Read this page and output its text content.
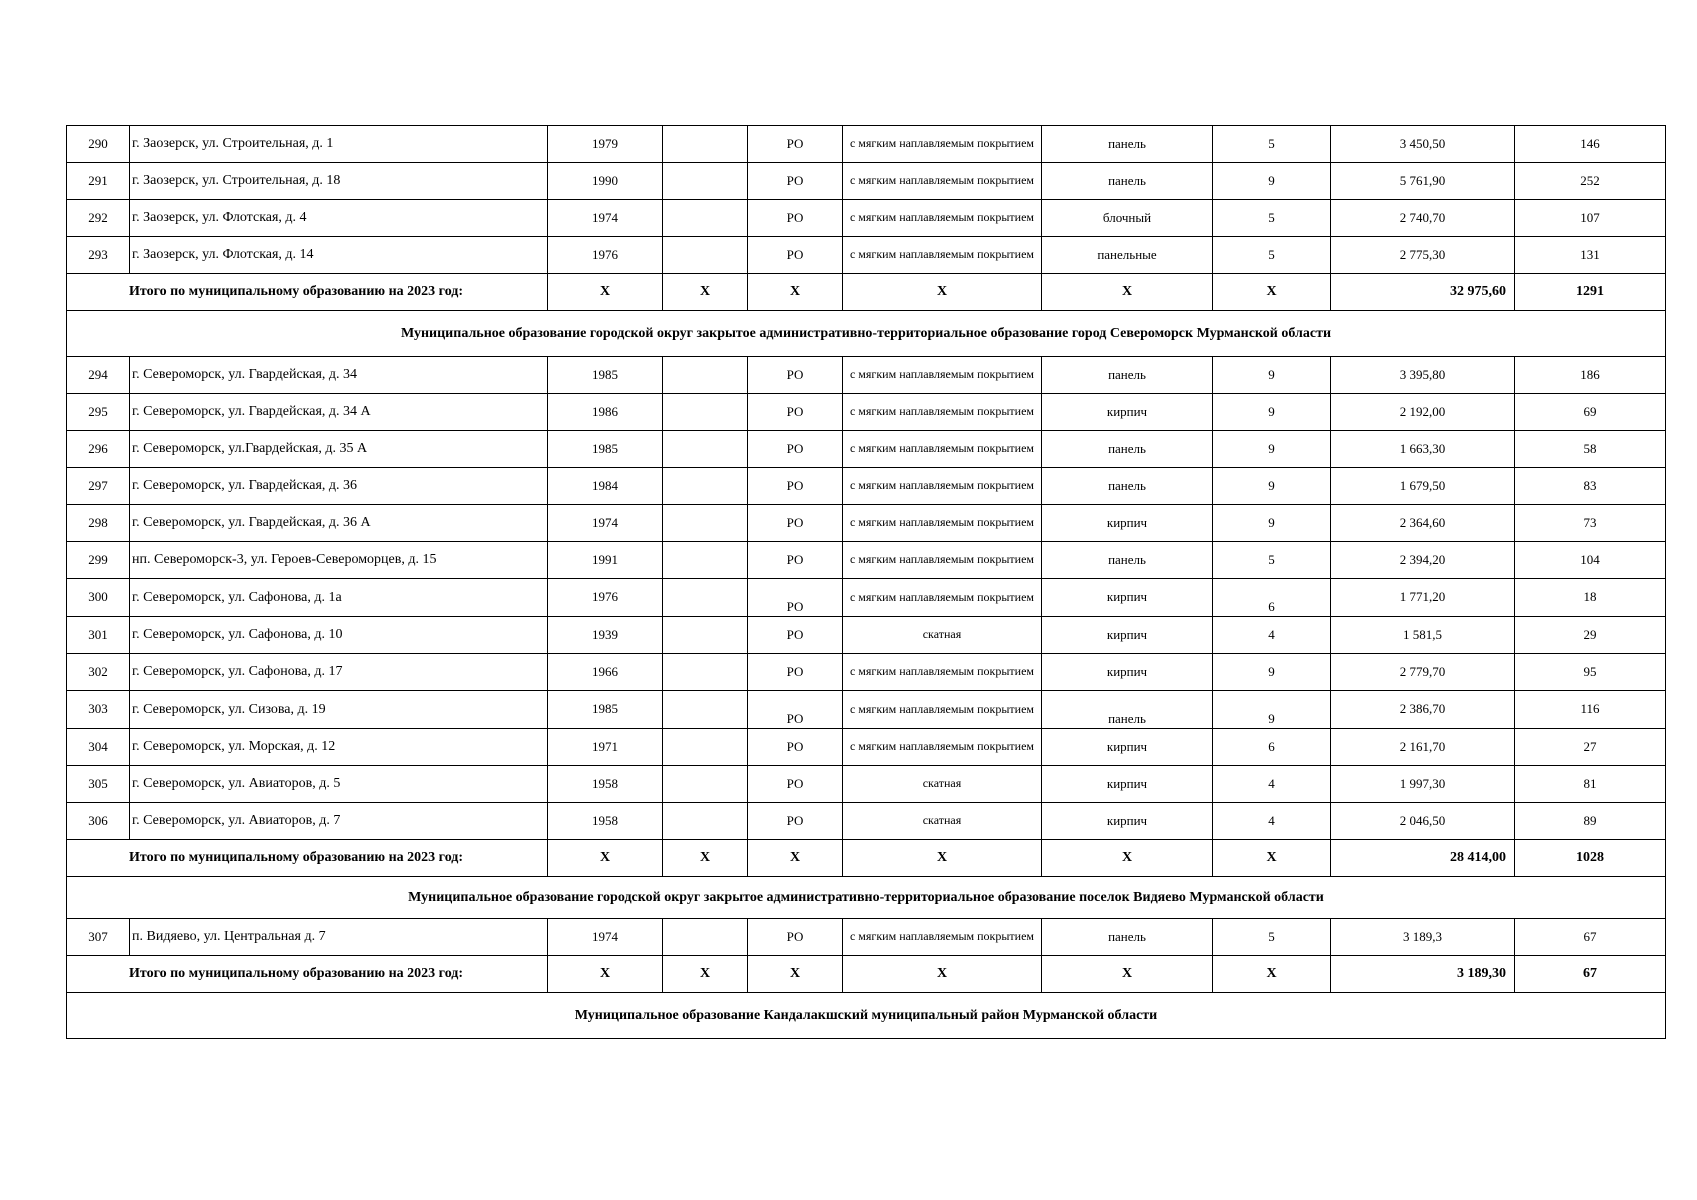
290	г. Заозерск, ул. Строительная, д. 1	1979		РО	с мягким наплавляемым покрытием	панель	5	3 450,50	146
291	г. Заозерск, ул. Строительная, д. 18	1990		РО	с мягким наплавляемым покрытием	панель	9	5 761,90	252
292	г. Заозерск, ул. Флотская, д. 4	1974		РО	с мягким наплавляемым покрытием	блочный	5	2 740,70	107
293	г. Заозерск, ул. Флотская, д. 14	1976		РО	с мягким наплавляемым покрытием	панельные	5	2 775,30	131
Итого по муниципальному образованию на 2023 год:		X	X	X	X	X	X	32 975,60	1291
Муниципальное образование городской округ закрытое административно-территориальное образование город Североморск Мурманской области									
294	г. Североморск, ул. Гвардейская, д. 34	1985		РО	с мягким наплавляемым покрытием	панель	9	3 395,80	186
295	г. Североморск, ул. Гвардейская, д. 34 А	1986		РО	с мягким наплавляемым покрытием	кирпич	9	2 192,00	69
296	г. Североморск, ул.Гвардейская, д. 35 А	1985		РО	с мягким наплавляемым покрытием	панель	9	1 663,30	58
297	г. Североморск, ул. Гвардейская, д. 36	1984		РО	с мягким наплавляемым покрытием	панель	9	1 679,50	83
298	г. Североморск, ул. Гвардейская, д. 36 А	1974		РО	с мягким наплавляемым покрытием	кирпич	9	2 364,60	73
299	нп. Североморск-3, ул. Героев-Североморцев, д. 15	1991		РО	с мягким наплавляемым покрытием	панель	5	2 394,20	104
300	г. Североморск, ул. Сафонова, д. 1а	1976		РО	с мягким наплавляемым покрытием	кирпич	6	1 771,20	18
301	г. Североморск, ул. Сафонова, д. 10	1939		РО	скатная	кирпич	4	1 581,5	29
302	г. Североморск, ул. Сафонова, д. 17	1966		РО	с мягким наплавляемым покрытием	кирпич	9	2 779,70	95
303	г. Североморск, ул. Сизова, д. 19	1985		РО	с мягким наплавляемым покрытием	панель	9	2 386,70	116
304	г. Североморск, ул. Морская, д. 12	1971		РО	с мягким наплавляемым покрытием	кирпич	6	2 161,70	27
305	г. Североморск, ул. Авиаторов, д. 5	1958		РО	скатная	кирпич	4	1 997,30	81
306	г. Североморск, ул. Авиаторов, д. 7	1958		РО	скатная	кирпич	4	2 046,50	89
Итого по муниципальному образованию на 2023 год:		X	X	X	X	X	X	28 414,00	1028
Муниципальное образование городской округ закрытое административно-территориальное образование поселок Видяево Мурманской области									
307	п. Видяево, ул. Центральная д. 7	1974		РО	с мягким наплавляемым покрытием	панель	5	3 189,3	67
Итого по муниципальному образованию на 2023 год:		X	X	X	X	X	X	3 189,30	67
Муниципальное образование Кандалакшский муниципальный район Мурманской области									
